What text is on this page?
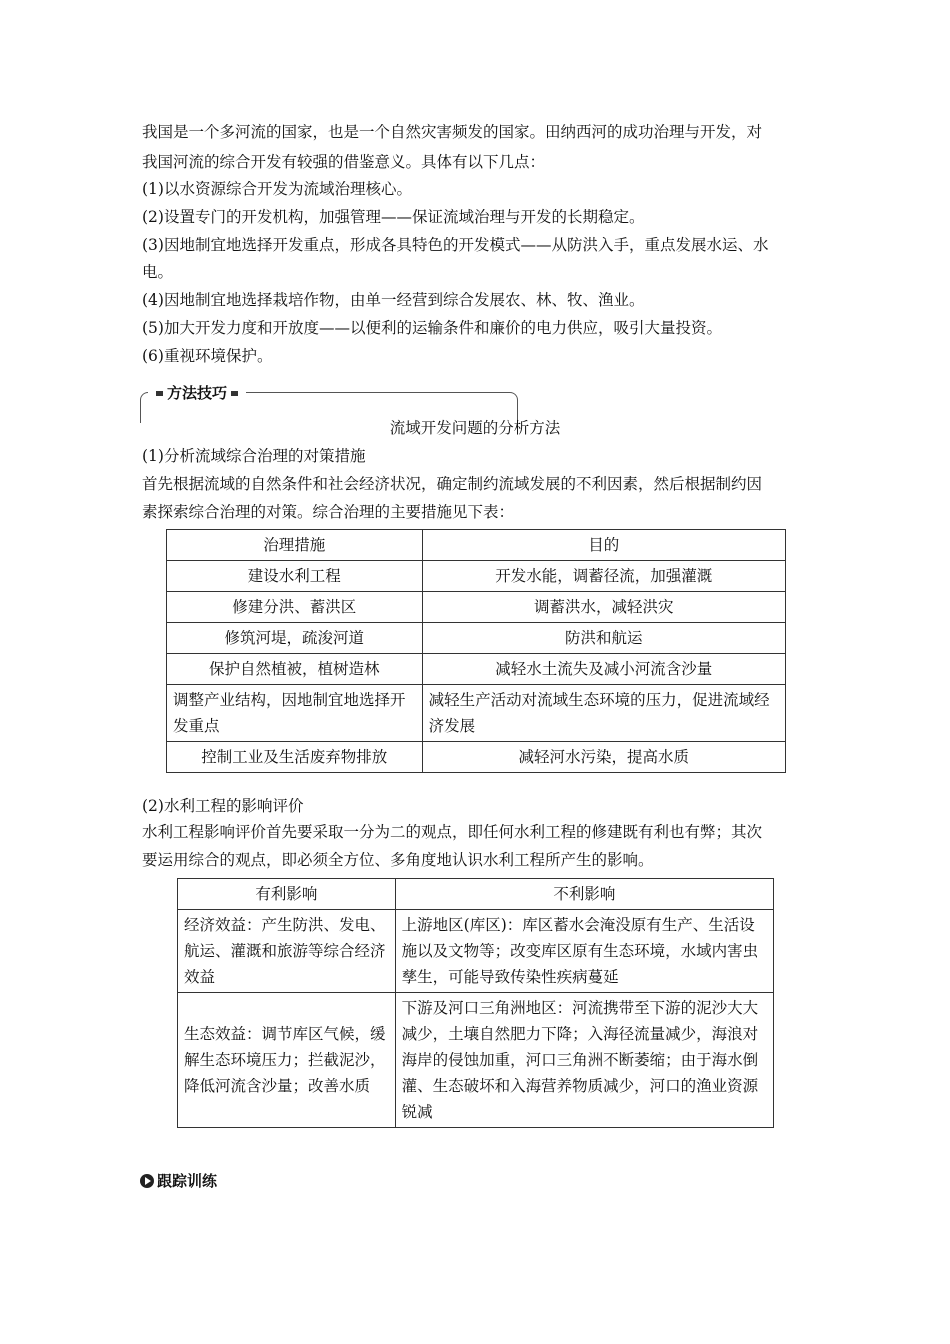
我国是一个多河流的国家，也是一个自然灾害频发的国家。田纳西河的成功治理与开发，对
我国河流的综合开发有较强的借鉴意义。具体有以下几点：
(1)以水资源综合开发为流域治理核心。
(2)设置专门的开发机构，加强管理——保证流域治理与开发的长期稳定。
(3)因地制宜地选择开发重点，形成各具特色的开发模式——从防洪入手，重点发展水运、水
电。
(4)因地制宜地选择栽培作物，由单一经营到综合发展农、林、牧、渔业。
(5)加大开发力度和开放度——以便利的运输条件和廉价的电力供应，吸引大量投资。
(6)重视环境保护。
方法技巧
流域开发问题的分析方法
(1)分析流域综合治理的对策措施
首先根据流域的自然条件和社会经济状况，确定制约流域发展的不利因素，然后根据制约因
素探索综合治理的对策。综合治理的主要措施见下表：
治理措施	目的
建设水利工程	开发水能，调蓄径流，加强灌溉
修建分洪、蓄洪区	调蓄洪水，减轻洪灾
修筑河堤，疏浚河道	防洪和航运
保护自然植被，植树造林	减轻水土流失及减小河流含沙量
调整产业结构，因地制宜地选择开发重点	减轻生产活动对流域生态环境的压力，促进流域经济发展
控制工业及生活废弃物排放	减轻河水污染，提高水质
(2)水利工程的影响评价
水利工程影响评价首先要采取一分为二的观点，即任何水利工程的修建既有利也有弊；其次
要运用综合的观点，即必须全方位、多角度地认识水利工程所产生的影响。
有利影响	不利影响
经济效益：产生防洪、发电、航运、灌溉和旅游等综合经济效益	上游地区(库区)：库区蓄水会淹没原有生产、生活设施以及文物等；改变库区原有生态环境，水域内害虫孳生，可能导致传染性疾病蔓延
生态效益：调节库区气候，缓解生态环境压力；拦截泥沙，降低河流含沙量；改善水质	下游及河口三角洲地区：河流携带至下游的泥沙大大减少，土壤自然肥力下降；入海径流量减少，海浪对海岸的侵蚀加重，河口三角洲不断萎缩；由于海水倒灌、生态破坏和入海营养物质减少，河口的渔业资源锐减
跟踪训练
